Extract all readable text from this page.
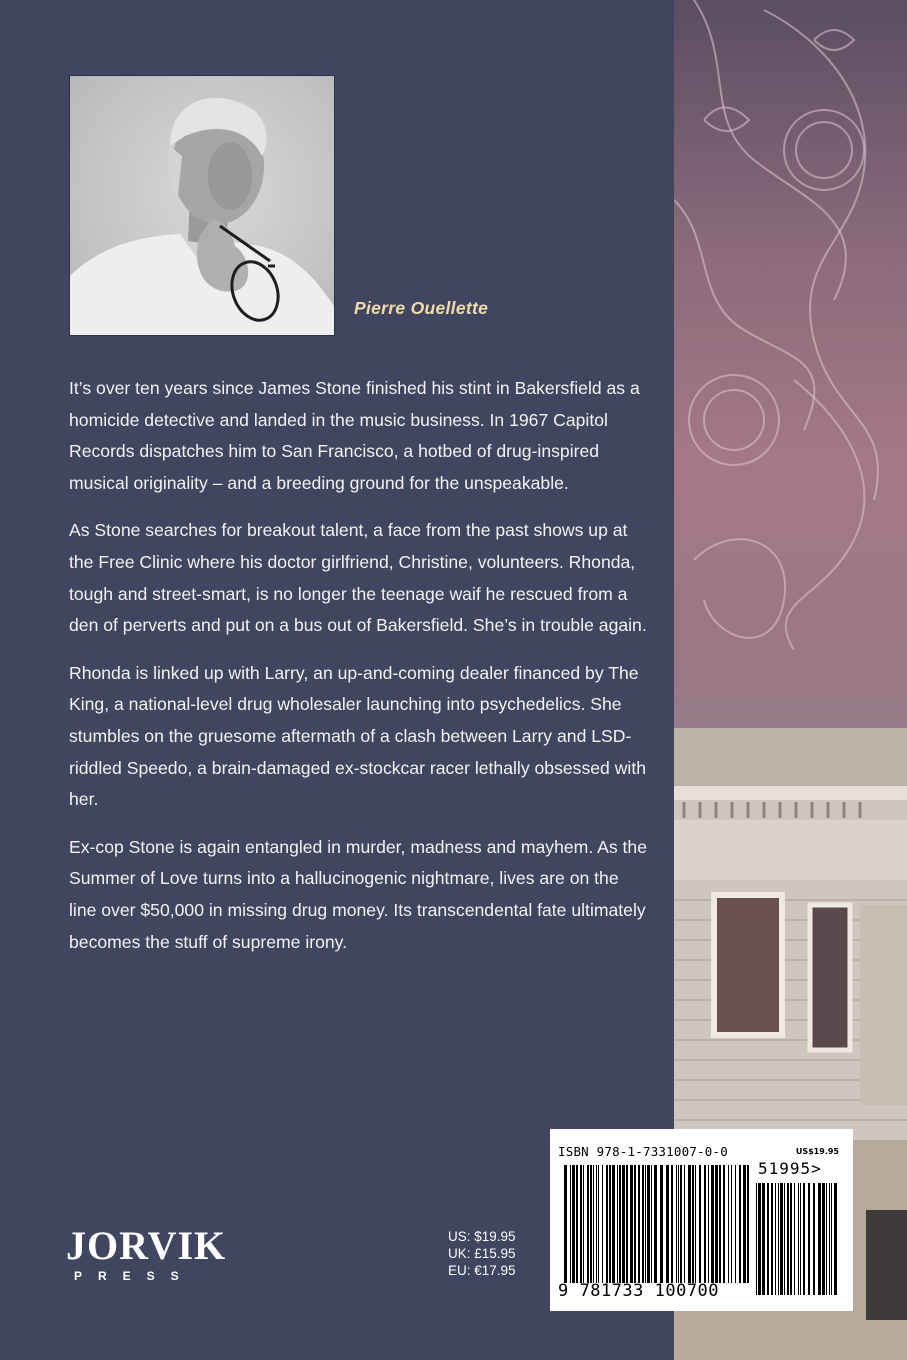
Pierre Ouellette

It’s over ten years since James Stone finished his stint in Bakersfield as a homicide detective and landed in the music business. In 1967 Capitol Records dispatches him to San Francisco, a hotbed of drug-inspired musical originality – and a breeding ground for the unspeakable.

As Stone searches for breakout talent, a face from the past shows up at the Free Clinic where his doctor girlfriend, Christine, volunteers. Rhonda, tough and street-smart, is no longer the teenage waif he rescued from a den of perverts and put on a bus out of Bakersfield. She’s in trouble again.

Rhonda is linked up with Larry, an up-and-coming dealer financed by The King, a national-level drug wholesaler launching into psychedelics. She stumbles on the gruesome aftermath of a clash between Larry and LSD-riddled Speedo, a brain-damaged ex-stockcar racer lethally obsessed with her.

Ex-cop Stone is again entangled in murder, madness and mayhem. As the Summer of Love turns into a hallucinogenic nightmare, lives are on the line over $50,000 in missing drug money. Its transcendental fate ultimately becomes the stuff of supreme irony.

JORVIK
PRESS
US: $19.95
UK: £15.95
EU: €17.95
ISBN 978-1-7331007-0-0	US$19.95
51995>
9 781733 100700
